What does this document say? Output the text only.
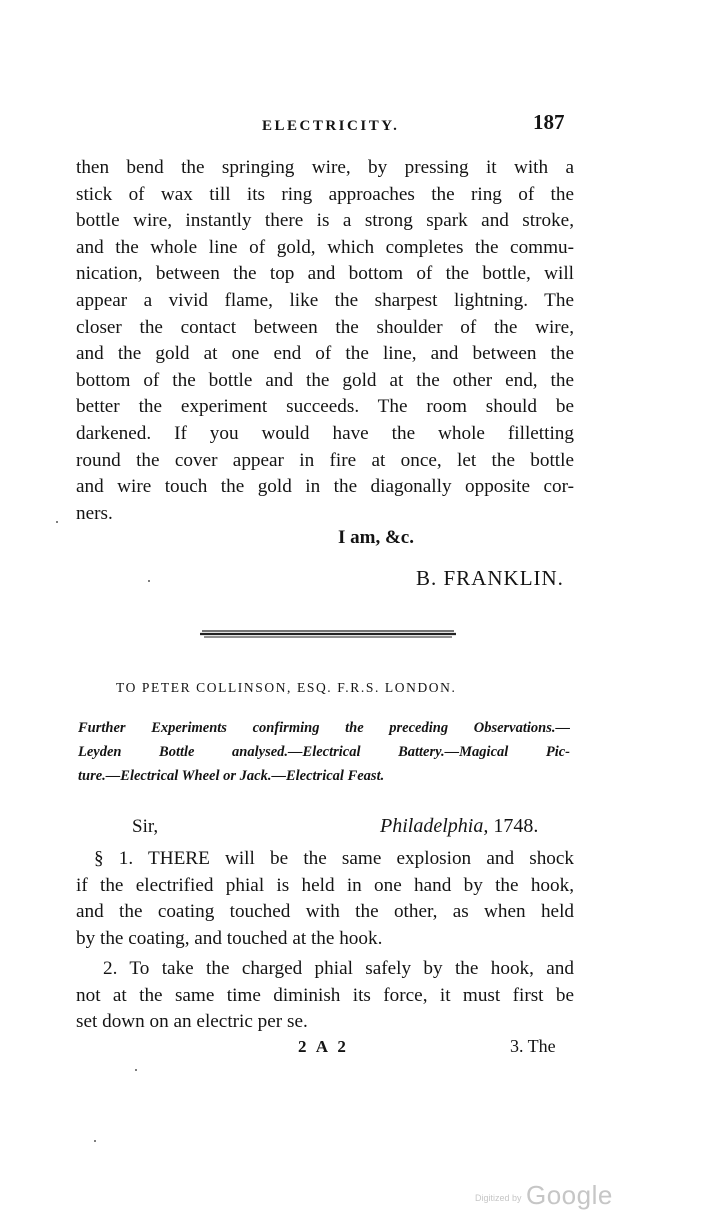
ELECTRICITY.	187
then bend the springing wire, by pressing it with a
stick of wax till its ring approaches the ring of the
bottle wire, instantly there is a strong spark and stroke,
and the whole line of gold, which completes the commu-
nication, between the top and bottom of the bottle, will
appear a vivid flame, like the sharpest lightning. The
closer the contact between the shoulder of the wire,
and the gold at one end of the line, and between the
bottom of the bottle and the gold at the other end, the
better the experiment succeeds. The room should be
darkened. If you would have the whole filletting
round the cover appear in fire at once, let the bottle
and wire touch the gold in the diagonally opposite cor-
ners.
I am, &c.
B. FRANKLIN.
TO PETER COLLINSON, ESQ. F.R.S. LONDON.
Further Experiments confirming the preceding Observations.—
Leyden Bottle analysed.—Electrical Battery.—Magical Pic-
ture.—Electrical Wheel or Jack.—Electrical Feast.
Sir,	Philadelphia, 1748.
§ 1. THERE will be the same explosion and shock
if the electrified phial is held in one hand by the hook,
and the coating touched with the other, as when held
by the coating, and touched at the hook.
2. To take the charged phial safely by the hook, and
not at the same time diminish its force, it must first be
set down on an electric per se.
2 A 2	3. The
Digitized by Google
